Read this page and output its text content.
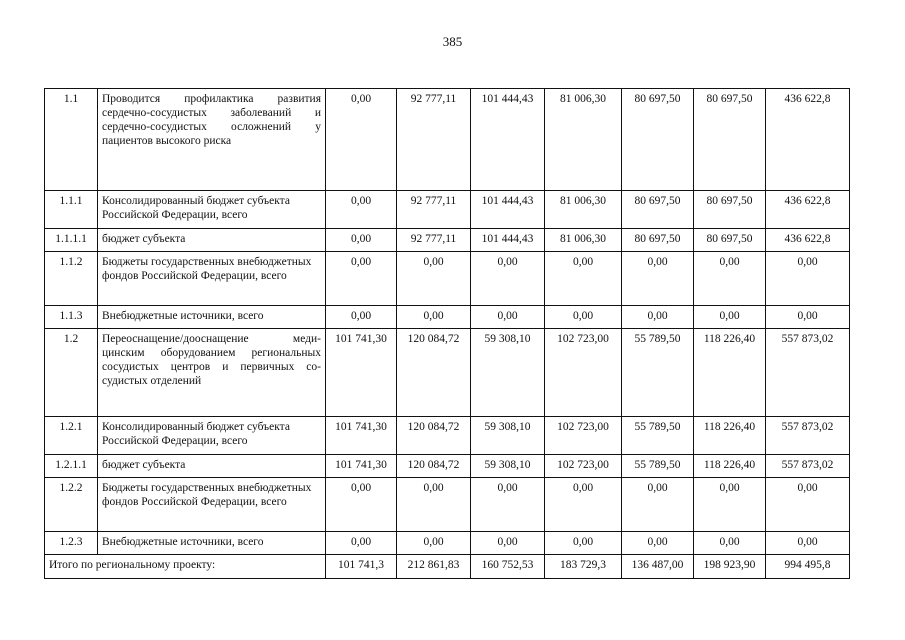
385
1.1	Проводится профилактика развития сердечно-сосудистых заболеваний и сердечно-сосудистых осложнений у пациентов высокого риска	0,00	92 777,11	101 444,43	81 006,30	80 697,50	80 697,50	436 622,8
1.1.1	Консолидированный бюджет субъекта Российской Федерации, всего	0,00	92 777,11	101 444,43	81 006,30	80 697,50	80 697,50	436 622,8
1.1.1.1	бюджет субъекта	0,00	92 777,11	101 444,43	81 006,30	80 697,50	80 697,50	436 622,8
1.1.2	Бюджеты государственных внебюджетных фондов Российской Федерации, всего	0,00	0,00	0,00	0,00	0,00	0,00	0,00
1.1.3	Внебюджетные источники, всего	0,00	0,00	0,00	0,00	0,00	0,00	0,00
1.2	Переоснащение/дооснащение меди-цинским оборудованием региональных сосудистых центров и первичных со-судистых отделений	101 741,30	120 084,72	59 308,10	102 723,00	55 789,50	118 226,40	557 873,02
1.2.1	Консолидированный бюджет субъекта Российской Федерации, всего	101 741,30	120 084,72	59 308,10	102 723,00	55 789,50	118 226,40	557 873,02
1.2.1.1	бюджет субъекта	101 741,30	120 084,72	59 308,10	102 723,00	55 789,50	118 226,40	557 873,02
1.2.2	Бюджеты государственных внебюджетных фондов Российской Федерации, всего	0,00	0,00	0,00	0,00	0,00	0,00	0,00
1.2.3	Внебюджетные источники, всего	0,00	0,00	0,00	0,00	0,00	0,00	0,00
Итого по региональному проекту:		101 741,3	212 861,83	160 752,53	183 729,3	136 487,00	198 923,90	994 495,8
